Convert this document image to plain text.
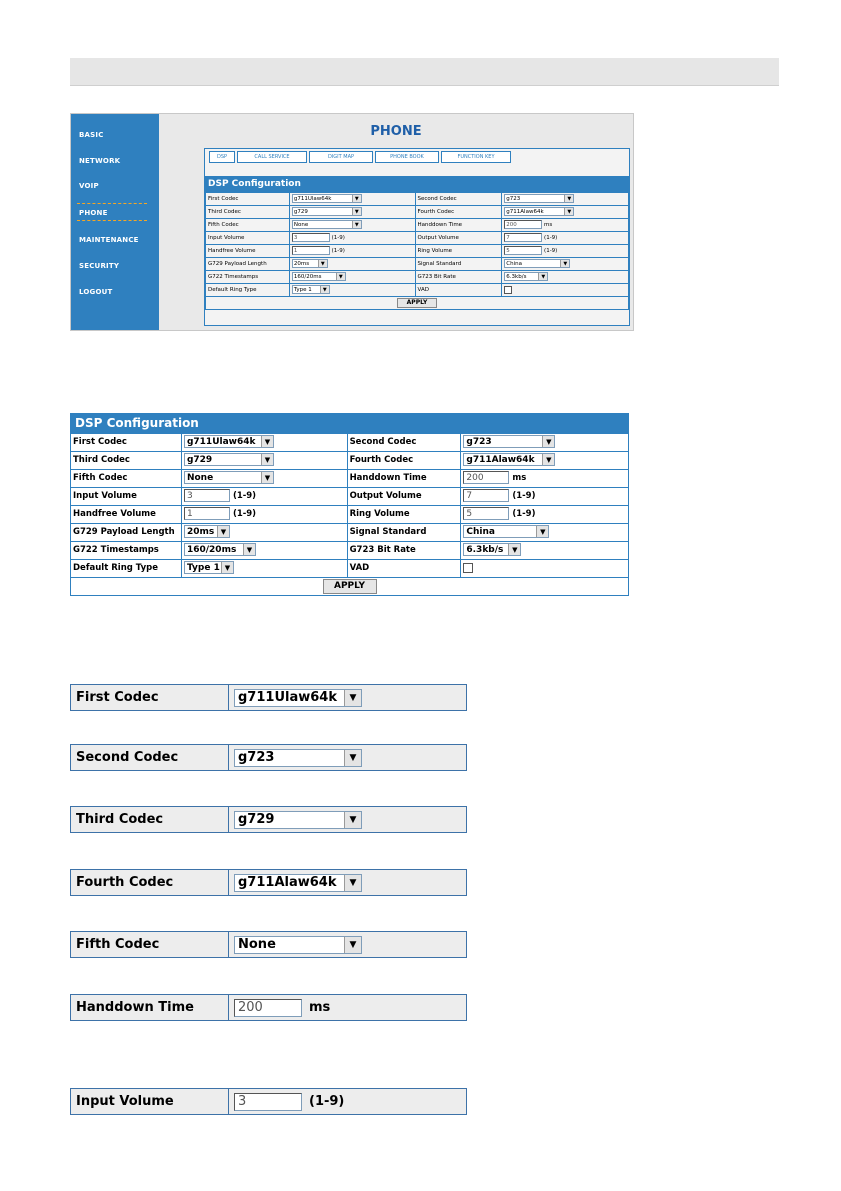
BASIC
NETWORK
VOIP
PHONE
MAINTENANCE
SECURITY
LOGOUT
PHONE
DSP	CALL SERVICE	DIGIT MAP	PHONE BOOK	FUNCTION KEY
DSP Configuration
First Codec	g711Ulaw64k ▼	Second Codec	g723 ▼

Third Codec	g729 ▼	Fourth Codec	g711Alaw64k ▼

Fifth Codec	None ▼	Handdown Time	200 ms
Input Volume	3 (1-9)	Output Volume	7 (1-9)
Handfree Volume	1 (1-9)	Ring Volume	5 (1-9)
G729 Payload Length	20ms ▼	Signal Standard	China ▼

G722 Timestamps	160/20ms ▼	G723 Bit Rate	6.3kb/s ▼

Default Ring Type	Type 1 ▼	VAD	
APPLY			
DSP Configuration
First Codec	g711Ulaw64k ▼	Second Codec	g723 ▼

Third Codec	g729 ▼	Fourth Codec	g711Alaw64k ▼

Fifth Codec	None ▼	Handdown Time	200 ms
Input Volume	3 (1-9)	Output Volume	7 (1-9)
Handfree Volume	1 (1-9)	Ring Volume	5 (1-9)
G729 Payload Length	20ms ▼	Signal Standard	China ▼

G722 Timestamps	160/20ms ▼	G723 Bit Rate	6.3kb/s ▼

Default Ring Type	Type 1 ▼	VAD	
APPLY			
First Codec	g711Ulaw64k	▼
Second Codec	g723	▼
Third Codec	g729	▼
Fourth Codec	g711Alaw64k	▼
Fifth Codec	None	▼
Handdown Time	200	ms
Input Volume	3	(1-9)
